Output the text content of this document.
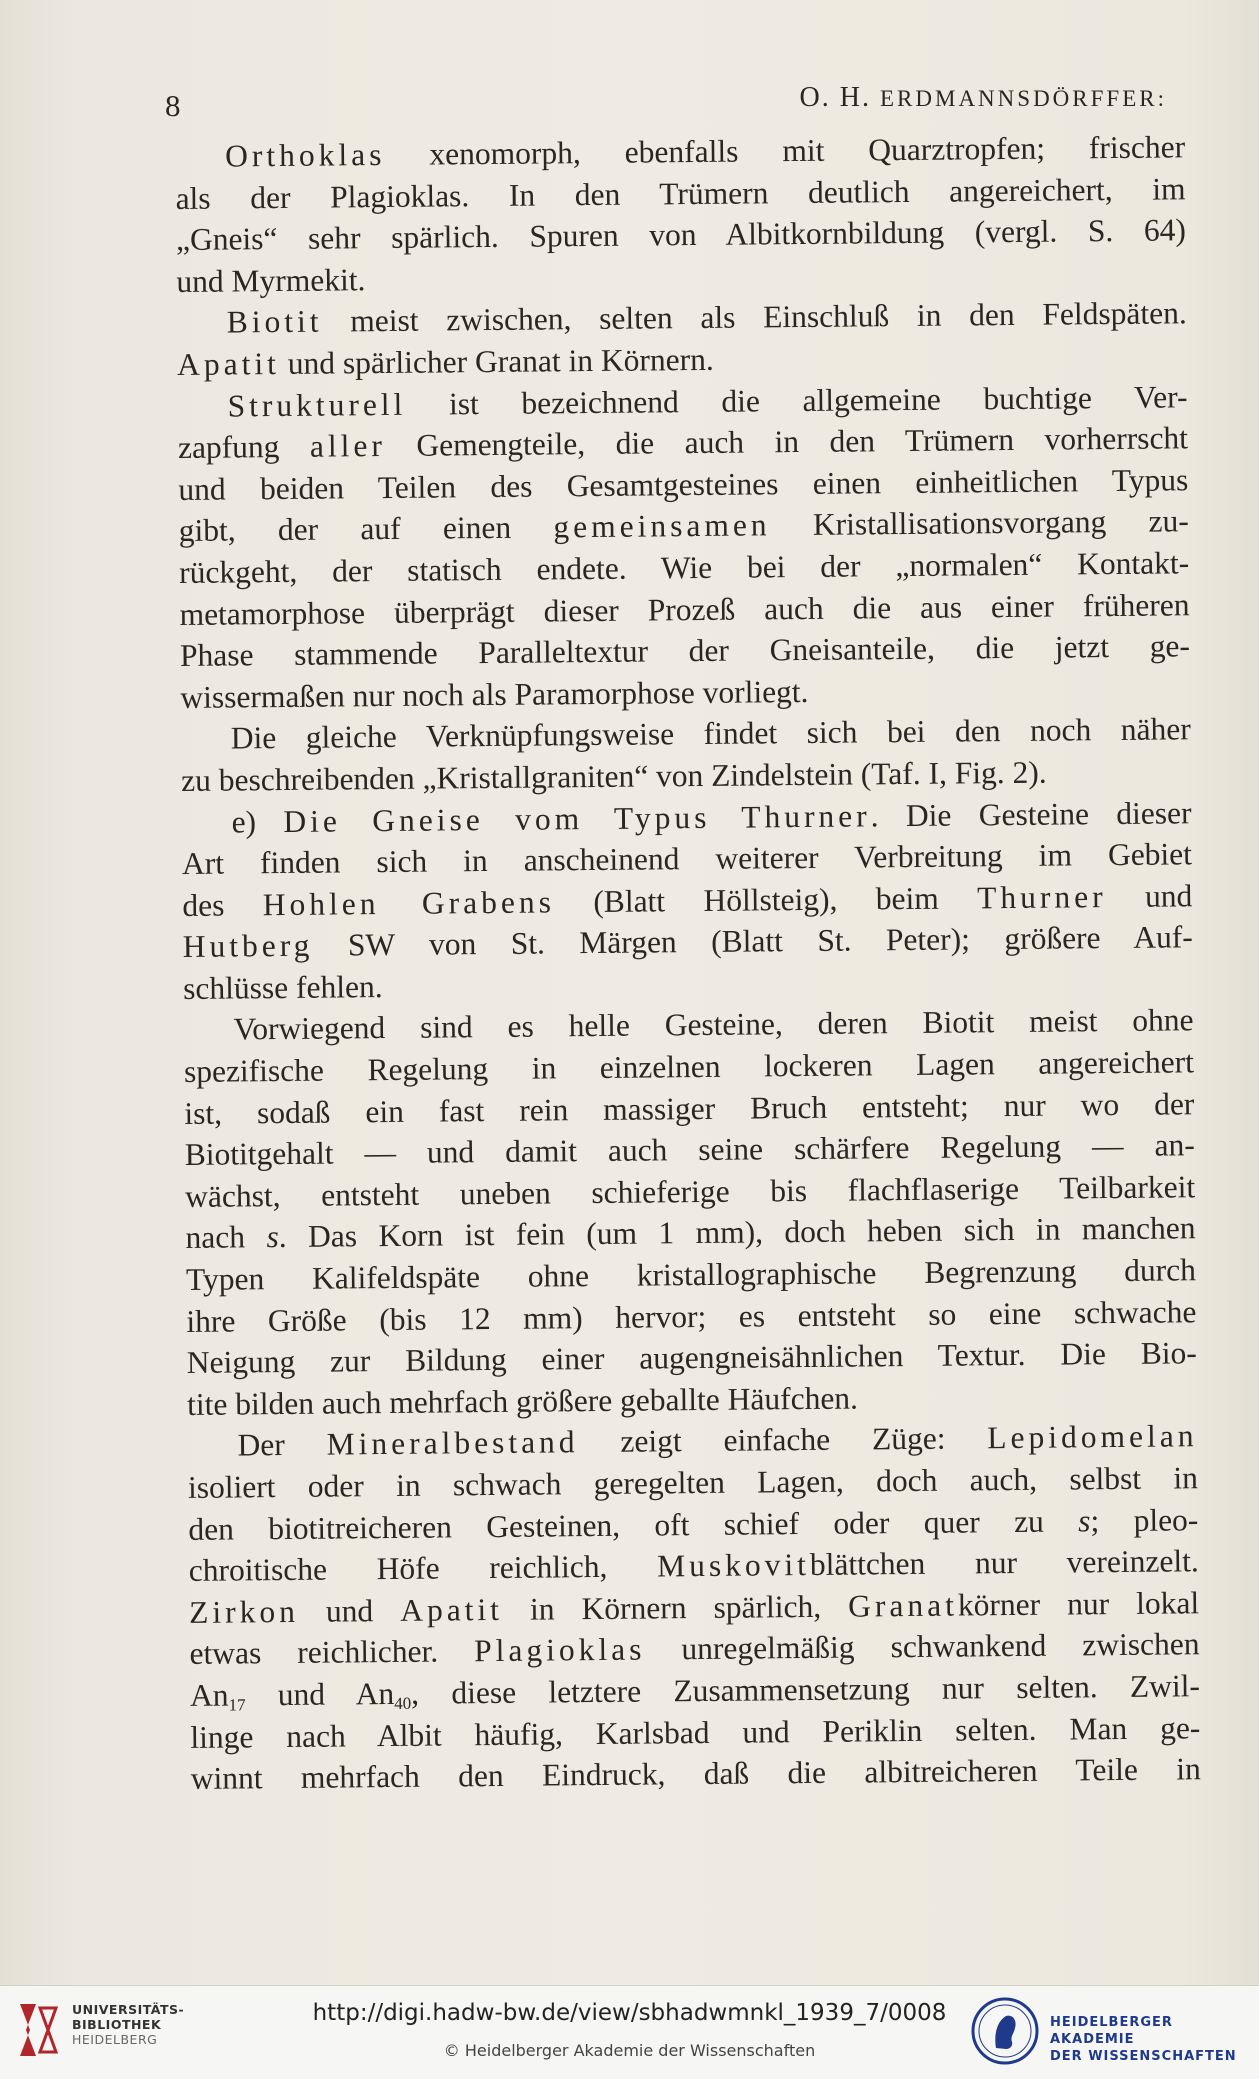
8	O. H. ERDMANNSDÖRFFER:
Orthoklas xenomorph, ebenfalls mit Quarztropfen; frischer
als der Plagioklas. In den Trümern deutlich angereichert, im
„Gneis“ sehr spärlich. Spuren von Albitkornbildung (vergl. S. 64)
und Myrmekit.
Biotit meist zwischen, selten als Einschluß in den Feldspäten.
Apatit und spärlicher Granat in Körnern.
Strukturell ist bezeichnend die allgemeine buchtige Ver-
zapfung aller Gemengteile, die auch in den Trümern vorherrscht
und beiden Teilen des Gesamtgesteines einen einheitlichen Typus
gibt, der auf einen gemeinsamen Kristallisationsvorgang zu-
rückgeht, der statisch endete. Wie bei der „normalen“ Kontakt-
metamorphose überprägt dieser Prozeß auch die aus einer früheren
Phase stammende Paralleltextur der Gneisanteile, die jetzt ge-
wissermaßen nur noch als Paramorphose vorliegt.
Die gleiche Verknüpfungsweise findet sich bei den noch näher
zu beschreibenden „Kristallgraniten“ von Zindelstein (Taf. I, Fig. 2).
e) Die Gneise vom Typus Thurner. Die Gesteine dieser
Art finden sich in anscheinend weiterer Verbreitung im Gebiet
des Hohlen Grabens (Blatt Höllsteig), beim Thurner und
Hutberg SW von St. Märgen (Blatt St. Peter); größere Auf-
schlüsse fehlen.
Vorwiegend sind es helle Gesteine, deren Biotit meist ohne
spezifische Regelung in einzelnen lockeren Lagen angereichert
ist, sodaß ein fast rein massiger Bruch entsteht; nur wo der
Biotitgehalt — und damit auch seine schärfere Regelung — an-
wächst, entsteht uneben schieferige bis flachflaserige Teilbarkeit
nach s. Das Korn ist fein (um 1 mm), doch heben sich in manchen
Typen Kalifeldspäte ohne kristallographische Begrenzung durch
ihre Größe (bis 12 mm) hervor; es entsteht so eine schwache
Neigung zur Bildung einer augengneisähnlichen Textur. Die Bio-
tite bilden auch mehrfach größere geballte Häufchen.
Der Mineralbestand zeigt einfache Züge: Lepidomelan
isoliert oder in schwach geregelten Lagen, doch auch, selbst in
den biotitreicheren Gesteinen, oft schief oder quer zu s; pleo-
chroitische Höfe reichlich, Muskovitblättchen nur vereinzelt.
Zirkon und Apatit in Körnern spärlich, Granatkörner nur lokal
etwas reichlicher. Plagioklas unregelmäßig schwankend zwischen
$An_{17}$ und $An_{40}$, diese letztere Zusammensetzung nur selten. Zwil-
linge nach Albit häufig, Karlsbad und Periklin selten. Man ge-
winnt mehrfach den Eindruck, daß die albitreicheren Teile in
UNIVERSITÄTS-
BIBLIOTHEK
HEIDELBERG
http://digi.hadw-bw.de/view/sbhadwmnkl_1939_7/0008
© Heidelberger Akademie der Wissenschaften
HEIDELBERGER AKADEMIE
DER WISSENSCHAFTEN
